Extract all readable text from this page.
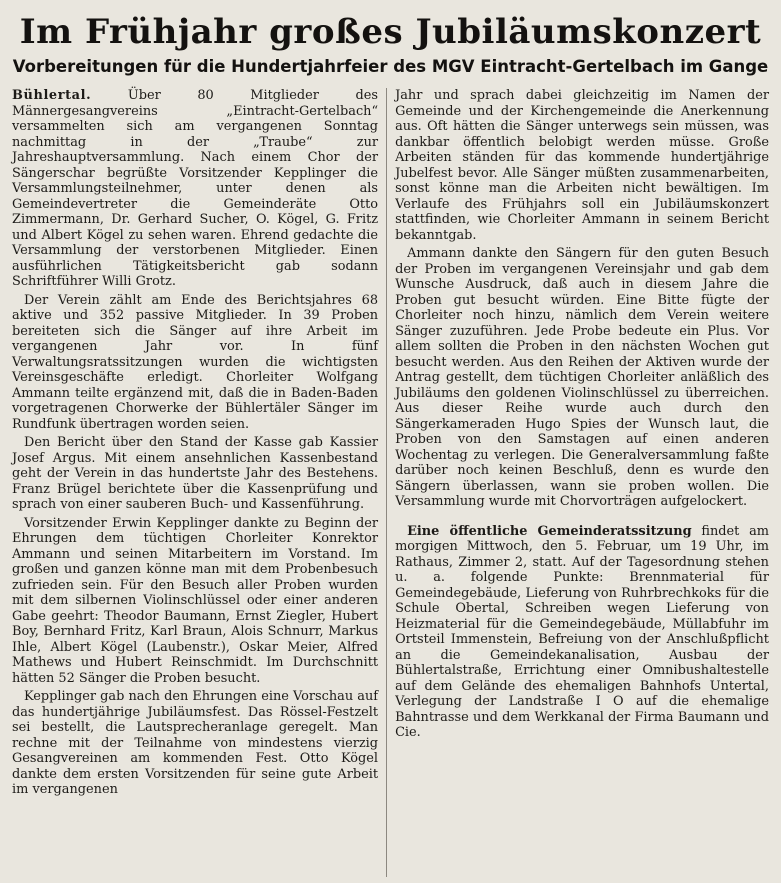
Im Frühjahr großes Jubiläumskonzert
Vorbereitungen für die Hundertjahrfeier des MGV Eintracht-Gertelbach im Gange

Bühlertal.	Über 80 Mitglieder des Männergesangvereins „Eintracht-Gertelbach“ versammelten sich am vergangenen Sonntag nachmittag in der „Traube“ zur Jahreshauptversammlung. Nach einem Chor der Sängerschar begrüßte Vorsitzender Kepplinger die Versammlungsteilnehmer, unter denen als Gemeindevertreter die Gemeinderäte Otto Zimmermann, Dr. Gerhard Sucher, O. Kögel, G. Fritz und Albert Kögel zu sehen waren. Ehrend gedachte die Versammlung der verstorbenen Mitglieder. Einen ausführlichen Tätigkeitsbericht gab sodann Schriftführer Willi Grotz.

Der Verein zählt am Ende des Berichtsjahres 68 aktive und 352 passive Mitglieder. In 39 Proben bereiteten sich die Sänger auf ihre Arbeit im vergangenen Jahr vor. In fünf Verwaltungsratssitzungen wurden die wichtigsten Vereinsgeschäfte erledigt. Chorleiter Wolfgang Ammann teilte ergänzend mit, daß die in Baden-Baden vorgetragenen Chorwerke der Bühlertäler Sänger im Rundfunk übertragen worden seien.

Den Bericht über den Stand der Kasse gab Kassier Josef Argus. Mit einem ansehnlichen Kassenbestand geht der Verein in das hundertste Jahr des Bestehens. Franz Brügel berichtete über die Kassenprüfung und sprach von einer sauberen Buch- und Kassenführung.

Vorsitzender Erwin Kepplinger dankte zu Beginn der Ehrungen dem tüchtigen Chorleiter Konrektor Ammann und seinen Mitarbeitern im Vorstand. Im großen und ganzen könne man mit dem Probenbesuch zufrieden sein. Für den Besuch aller Proben wurden mit dem silbernen Violinschlüssel oder einer anderen Gabe geehrt: Theodor Baumann, Ernst Ziegler, Hubert Boy, Bernhard Fritz, Karl Braun, Alois Schnurr, Markus Ihle, Albert Kögel (Laubenstr.), Oskar Meier, Alfred Mathews und Hubert Reinschmidt. Im Durchschnitt hätten 52 Sänger die Proben besucht.

Kepplinger gab nach den Ehrungen eine Vorschau auf das hundertjährige Jubiläumsfest. Das Rössel-Festzelt sei bestellt, die Lautsprecheranlage geregelt. Man rechne mit der Teilnahme von mindestens vierzig Gesangvereinen am kommenden Fest. Otto Kögel dankte dem ersten Vorsitzenden für seine gute Arbeit im vergangenen

Jahr und sprach dabei gleichzeitig im Namen der Gemeinde und der Kirchengemeinde die Anerkennung aus. Oft hätten die Sänger unterwegs sein müssen, was dankbar öffentlich belobigt werden müsse. Große Arbeiten ständen für das kommende hundertjährige Jubelfest bevor. Alle Sänger müßten zusammenarbeiten, sonst könne man die Arbeiten nicht bewältigen. Im Verlaufe des Frühjahrs soll ein Jubiläumskonzert stattfinden, wie Chorleiter Ammann in seinem Bericht bekanntgab.

Ammann dankte den Sängern für den guten Besuch der Proben im vergangenen Vereinsjahr und gab dem Wunsche Ausdruck, daß auch in diesem Jahre die Proben gut besucht würden. Eine Bitte fügte der Chorleiter noch hinzu, nämlich dem Verein weitere Sänger zuzuführen. Jede Probe bedeute ein Plus. Vor allem sollten die Proben in den nächsten Wochen gut besucht werden. Aus den Reihen der Aktiven wurde der Antrag gestellt, dem tüchtigen Chorleiter anläßlich des Jubiläums den goldenen Violinschlüssel zu überreichen. Aus dieser Reihe wurde auch durch den Sängerkameraden Hugo Spies der Wunsch laut, die Proben von den Samstagen auf einen anderen Wochentag zu verlegen. Die Generalversammlung faßte darüber noch keinen Beschluß, denn es wurde den Sängern überlassen, wann sie proben wollen. Die Versammlung wurde mit Chorvorträgen aufgelockert.

Eine öffentliche Gemeinderatssitzung findet am morgigen Mittwoch, den 5. Februar, um 19 Uhr, im Rathaus, Zimmer 2, statt. Auf der Tagesordnung stehen u. a. folgende Punkte: Brennmaterial für Gemeindegebäude, Lieferung von Ruhrbrechkoks für die Schule Obertal, Schreiben wegen Lieferung von Heizmaterial für die Gemeindegebäude, Müllabfuhr im Ortsteil Immenstein, Befreiung von der Anschlußpflicht an die Gemeindekanalisation, Ausbau der Bühlertalstraße, Errichtung einer Omnibushaltestelle auf dem Gelände des ehemaligen Bahnhofs Untertal, Verlegung der Landstraße I O auf die ehemalige Bahntrasse und dem Werkkanal der Firma Baumann und Cie.
